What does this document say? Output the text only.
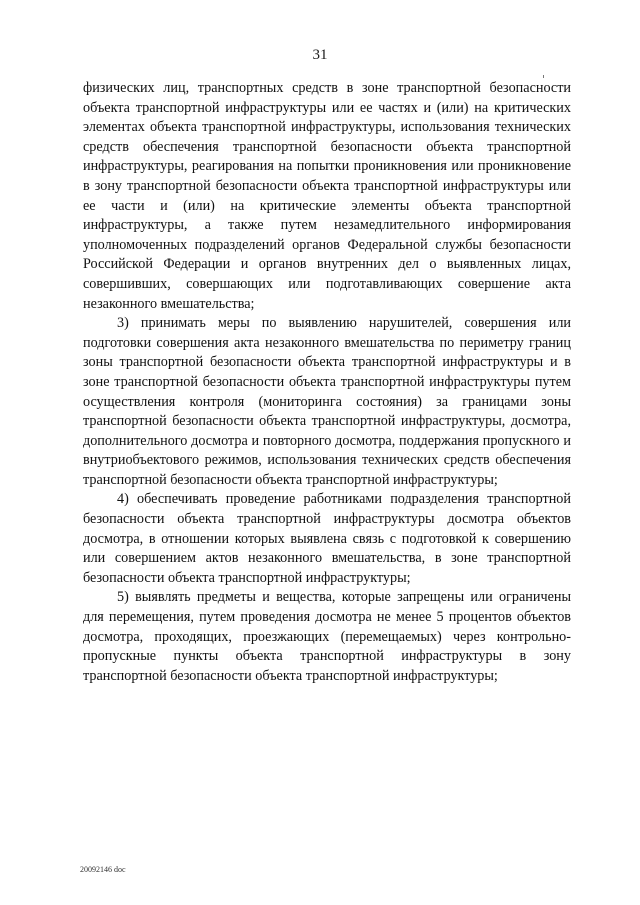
31

физических лиц, транспортных средств в зоне транспортной безопасности объекта транспортной инфраструктуры или ее частях и (или) на критических элементах объекта транспортной инфраструктуры, использования технических средств обеспечения транспортной безопасности объекта транспортной инфраструктуры, реагирования на попытки проникновения или проникновение в зону транспортной безопасности объекта транспортной инфраструктуры или ее части и (или) на критические элементы объекта транспортной инфраструктуры, а также путем незамедлительного информирования уполномоченных подразделений органов Федеральной службы безопасности Российской Федерации и органов внутренних дел о выявленных лицах, совершивших, совершающих или подготавливающих совершение акта незаконного вмешательства;

3) принимать меры по выявлению нарушителей, совершения или подготовки совершения акта незаконного вмешательства по периметру границ зоны транспортной безопасности объекта транспортной инфраструктуры и в зоне транспортной безопасности объекта транспортной инфраструктуры путем осуществления контроля (мониторинга состояния) за границами зоны транспортной безопасности объекта транспортной инфраструктуры, досмотра, дополнительного досмотра и повторного досмотра, поддержания пропускного и внутриобъектового режимов, использования технических средств обеспечения транспортной безопасности объекта транспортной инфраструктуры;

4) обеспечивать проведение работниками подразделения транспортной безопасности объекта транспортной инфраструктуры досмотра объектов досмотра, в отношении которых выявлена связь с подготовкой к совершению или совершением актов незаконного вмешательства, в зоне транспортной безопасности объекта транспортной инфраструктуры;

5) выявлять предметы и вещества, которые запрещены или ограничены для перемещения, путем проведения досмотра не менее 5 процентов объектов досмотра, проходящих, проезжающих (перемещаемых) через контрольно-пропускные пункты объекта транспортной инфраструктуры в зону транспортной безопасности объекта транспортной инфраструктуры;

20092146 doc
